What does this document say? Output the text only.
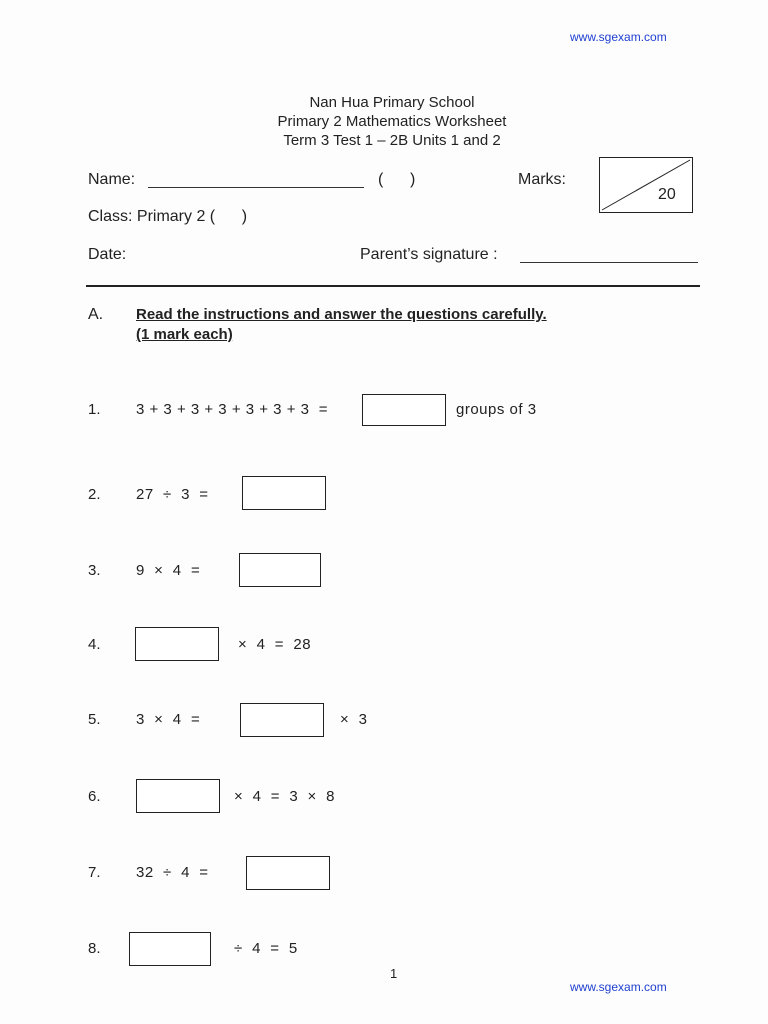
www.sgexam.com
Nan Hua Primary School
Primary 2 Mathematics Worksheet
Term 3 Test 1 – 2B Units 1 and 2
Name:	(      )	Marks:
20
Class: Primary 2 (      )
Date:	Parent’s signature :
A. Read the instructions and answer the questions carefully.
(1 mark each)
1. 3 + 3 + 3 + 3 + 3 + 3 + 3  =	groups of 3
2. 27  ÷  3  =
3. 9  ×  4  =
4.	×  4  =  28
5. 3  ×  4  =	×  3
6.	×  4  =  3  ×  8
7. 32  ÷  4  =
8.	÷  4  =  5
1
www.sgexam.com
